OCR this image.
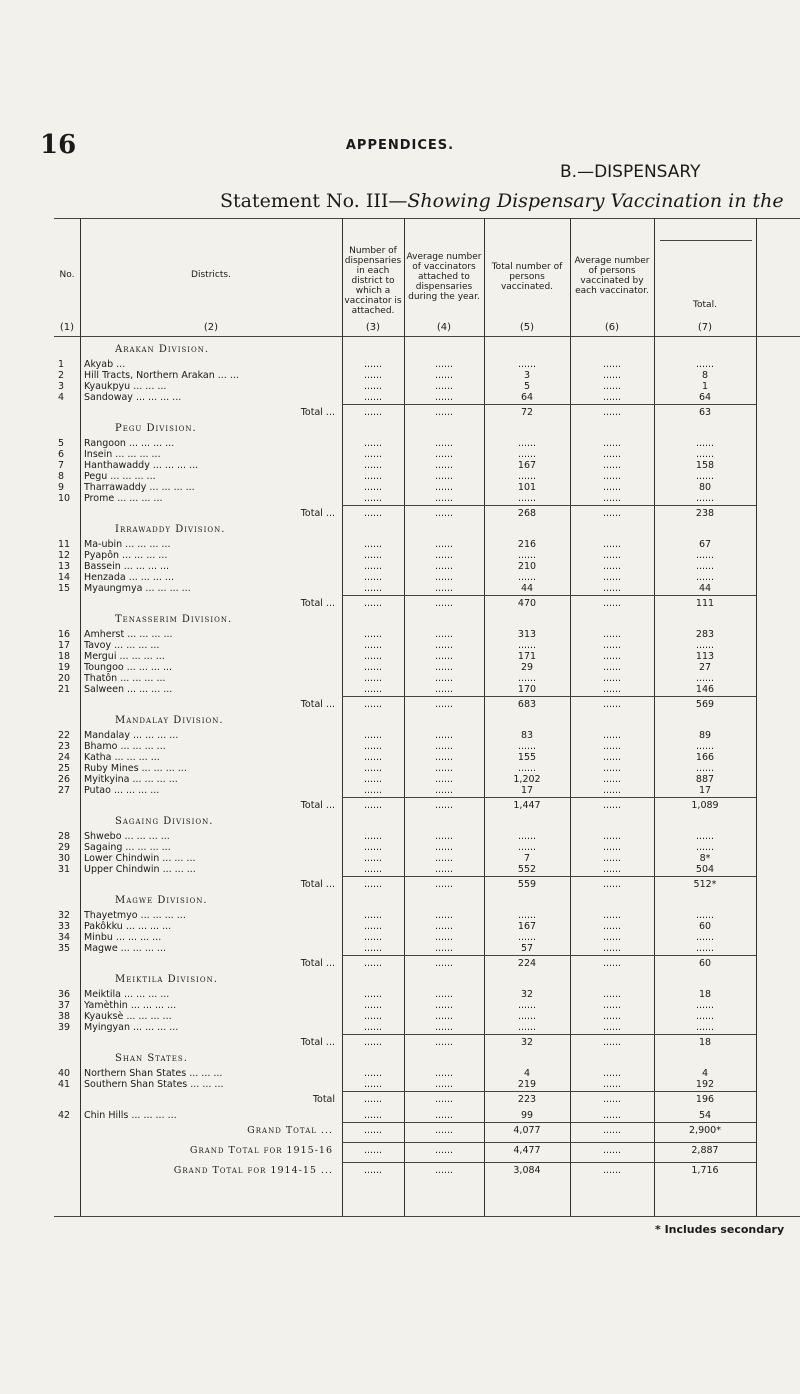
16	APPENDICES.
B.—DISPENSARY
Statement No. III—Showing Dispensary Vaccination in the
No.	Districts.
Number of dispensaries in each district to which a vaccinator is attached.
Average number of vaccinators attached to dispensaries during the year.
Total number of persons vaccinated.
Average number of persons vaccinated by each vaccinator.
Total.
(1)	(2)	(3)	(4)	(5)	(6)	(7)
Arakan Division.
1	Akyab ...	......	......	......	......	......
2	Hill Tracts, Northern Arakan ... ...	......	......	3	......	8
3	Kyaukpyu ... ... ...	......	......	5	......	1
4	Sandoway ... ... ... ...	......	......	64	......	64
Total ...	......	......	72	......	63
Pegu Division.
5	Rangoon ... ... ... ...	......	......	......	......	......
6	Insein ... ... ... ...	......	......	......	......	......
7	Hanthawaddy ... ... ... ...	......	......	167	......	158
8	Pegu ... ... ... ...	......	......	......	......	......
9	Tharrawaddy ... ... ... ...	......	......	101	......	80
10	Prome ... ... ... ...	......	......	......	......	......
Total ...	......	......	268	......	238
Irrawaddy Division.
11	Ma-ubin ... ... ... ...	......	......	216	......	67
12	Pyapôn ... ... ... ...	......	......	......	......	......
13	Bassein ... ... ... ...	......	......	210	......	......
14	Henzada ... ... ... ...	......	......	......	......	......
15	Myaungmya ... ... ... ...	......	......	44	......	44
Total ...	......	......	470	......	111
Tenasserim Division.
16	Amherst ... ... ... ...	......	......	313	......	283
17	Tavoy ... ... ... ...	......	......	......	......	......
18	Mergui ... ... ... ...	......	......	171	......	113
19	Toungoo ... ... ... ...	......	......	29	......	27
20	Thatôn ... ... ... ...	......	......	......	......	......
21	Salween ... ... ... ...	......	......	170	......	146
Total ...	......	......	683	......	569
Mandalay Division.
22	Mandalay ... ... ... ...	......	......	83	......	89
23	Bhamo ... ... ... ...	......	......	......	......	......
24	Katha ... ... ... ...	......	......	155	......	166
25	Ruby Mines ... ... ... ...	......	......	......	......	......
26	Myitkyina ... ... ... ...	......	......	1,202	......	887
27	Putao ... ... ... ...	......	......	17	......	17
Total ...	......	......	1,447	......	1,089
Sagaing Division.
28	Shwebo ... ... ... ...	......	......	......	......	......
29	Sagaing ... ... ... ...	......	......	......	......	......
30	Lower Chindwin ... ... ...	......	......	7	......	8*
31	Upper Chindwin ... ... ...	......	......	552	......	504
Total ...	......	......	559	......	512*
Magwe Division.
32	Thayetmyo ... ... ... ...	......	......	......	......	......
33	Pakôkku ... ... ... ...	......	......	167	......	60
34	Minbu ... ... ... ...	......	......	......	......	......
35	Magwe ... ... ... ...	......	......	57	......	......
Total ...	......	......	224	......	60
Meiktila Division.
36	Meiktila ... ... ... ...	......	......	32	......	18
37	Yamèthin ... ... ... ...	......	......	......	......	......
38	Kyauksè ... ... ... ...	......	......	......	......	......
39	Myingyan ... ... ... ...	......	......	......	......	......
Total ...	......	......	32	......	18
Shan States.
40	Northern Shan States ... ... ...	......	......	4	......	4
41	Southern Shan States ... ... ...	......	......	219	......	192
Total	......	......	223	......	196
42	Chin Hills ... ... ... ...	......	......	99	......	54
Grand Total ...	......	......	4,077	......	2,900*
Grand Total for 1915-16	......	......	4,477	......	2,887
Grand Total for 1914-15 ...	......	......	3,084	......	1,716
* Includes secondary
